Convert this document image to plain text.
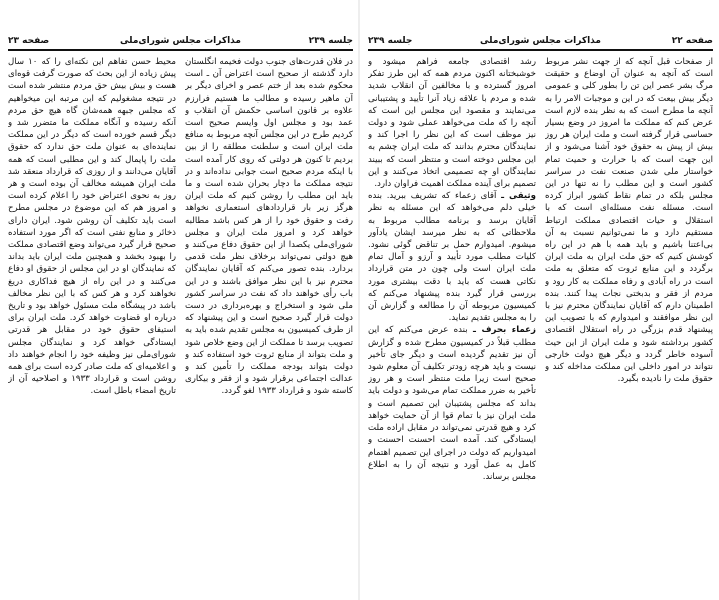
جلسه ۲۳۹
مذاکرات مجلس شورای‌ملی
صفحه ۲۳

در فلان قدرت‌های جنوب دولت فخیمه انگلستان دارد گذشته از صحیح است اعتراض آن ـ است محکوم شده بعد از ختم عصر و اخرای دیگر بر آن ماهیر رسیده و مطالب ما هستیم فرارزم علاوه بر قانون اساسی حکمش آن انقلاب و عمد بود و مجلس اول وایسم صحیح است کردیم طرح در این مجلس آنچه مربوط به منافع ملت ایران است و سلطنت مطلقه را از بین بردیم تا کنون هر دولتی که روی کار آمده است با اینکه مردم صحیح است جوابی نداده‌اند و در نتیجه مملکت ما دچار بحران شده است و ما باید این مطلب را روشن کنیم که ملت ایران هرگز زیر بار قراردادهای استعماری نخواهد رفت و حقوق خود را از هر کس باشد مطالبه خواهد کرد و امروز ملت ایران و مجلس شورای‌ملی یکصدا از این حقوق دفاع می‌کنند و هیچ دولتی نمی‌تواند برخلاف نظر ملت قدمی بردارد. بنده تصور می‌کنم که آقایان نمایندگان محترم نیز با این نظر موافق باشند و در این باب رأی خواهند داد که نفت در سراسر کشور ملی شود و استخراج و بهره‌برداری در دست دولت قرار گیرد صحیح است و این پیشنهاد که از طرف کمیسیون به مجلس تقدیم شده باید به تصویب برسد تا مملکت از این وضع خلاص شود و ملت بتواند از منابع ثروت خود استفاده کند و دولت بتواند بودجه مملکت را تأمین کند و عدالت اجتماعی برقرار شود و از فقر و بیکاری کاسته شود و قرارداد ۱۹۳۳ لغو گردد.

محیط حسن تفاهم این نکته‌ای را که ۱۰ سال پیش زیاده از این بحث که صورت گرفت قوه‌ای هست و بیش بیش حق مردم منتشر شده است در نتیجه مشغولیم که این مرتبه این میخواهیم که مجلس جبهه همه‌شان گاه هیچ حق مردم آنکه رسیده و آنگاه مملکت ما متضرر شد و دیگر قسم خورده است که دیگر در این مملکت نماینده‌ای به عنوان ملت حق ندارد که حقوق ملت را پایمال کند و این مطلبی است که همه آقایان می‌دانند و از روزی که قرارداد منعقد شد ملت ایران همیشه مخالف آن بوده است و هر روز به نحوی اعتراض خود را اعلام کرده است و امروز هم که این موضوع در مجلس مطرح است باید تکلیف آن روشن شود. ایران دارای ذخائر و منابع نفتی است که اگر مورد استفاده صحیح قرار گیرد می‌تواند وضع اقتصادی مملکت را بهبود بخشد و همچنین ملت ایران باید بداند که نمایندگان او در این مجلس از حقوق او دفاع می‌کنند و در این راه از هیچ فداکاری دریغ نخواهند کرد و هر کس که با این نظر مخالف باشد در پیشگاه ملت مسئول خواهد بود و تاریخ درباره او قضاوت خواهد کرد. ملت ایران برای استیفای حقوق خود در مقابل هر قدرتی ایستادگی خواهد کرد و نمایندگان مجلس شورای‌ملی نیز وظیفه خود را انجام خواهند داد و اعلامیه‌ای که ملت صادر کرده است برای همه روشن است و قرارداد ۱۹۳۳ و اصلاحیه آن از تاریخ امضاء باطل است.

صفحه ۲۲
مذاکرات مجلس شورای‌ملی
جلسه ۲۳۹

از صفحات قبل آنچه که از جهت نشر مربوط است که آنچه به عنوان آن اوضاع و حقیقت مرگ بشر عصر این تن را بطور کلی و عمومی دیگر بیش بیعت که در این و موجبات الامر را به آنچه ما مطرح است که به نظر بنده لازم است عرض کنم که مملکت ما امروز در وضع بسیار حساسی قرار گرفته است و ملت ایران هر روز بیش از پیش به حقوق خود آشنا می‌شود و از این جهت است که با حرارت و حمیت تمام خواستار ملی شدن صنعت نفت در سراسر کشور است و این مطلب را نه تنها در این مجلس بلکه در تمام نقاط کشور ابراز کرده است. مسئله نفت مسئله‌ای است که با استقلال و حیات اقتصادی مملکت ارتباط مستقیم دارد و ما نمی‌توانیم نسبت به آن بی‌اعتنا باشیم و باید همه با هم در این راه کوشش کنیم که حق ملت ایران به ملت ایران برگردد و این منابع ثروت که متعلق به ملت است در راه آبادی و رفاه مملکت به کار رود و مردم از فقر و بدبختی نجات پیدا کنند. بنده اطمینان دارم که آقایان نمایندگان محترم نیز با این نظر موافقند و امیدوارم که با تصویب این پیشنهاد قدم بزرگی در راه استقلال اقتصادی کشور برداشته شود و ملت ایران از این حیث آسوده خاطر گردد و دیگر هیچ دولت خارجی نتواند در امور داخلی این مملکت مداخله کند و حقوق ملت را نادیده بگیرد.

رشد اقتصادی جامعه فراهم میشود و خوشبختانه اکنون مردم همه که این طرز تفکر امروز گسترده و با مخالفین آن انقلاب شدید شده و مردم با علاقه زیاد آنرا تأیید و پشتیبانی می‌نمایند و مقصود این مجلس این است که آنچه را که ملت می‌خواهد عملی شود و دولت نیز موظف است که این نظر را اجرا کند و نمایندگان محترم بدانند که ملت ایران چشم به این مجلس دوخته است و منتظر است که ببیند نمایندگان او چه تصمیمی اتخاذ می‌کنند و این تصمیم برای آینده مملکت اهمیت فراوان دارد.

وثیقی ـ آقای زعماء که تشریف ببرید. بنده خیلی دلم می‌خواهد که این مسئله به نظر آقایان برسد و برنامه مطالب مربوط به ملاحظاتی که به نظر میرسد ایشان یادآور میشوم. امیدوارم حمل بر تناقض گوئی نشود. کلیات مطلب مورد تأیید و آرزو و آمال تمام ملت ایران است ولی چون در متن قرارداد نکاتی هست که باید با دقت بیشتری مورد بررسی قرار گیرد بنده پیشنهاد می‌کنم که کمیسیون مربوطه آن را مطالعه و گزارش آن را به مجلس تقدیم نماید.

زعماء بحرف ـ بنده عرض می‌کنم که این مطلب قبلاً در کمیسیون مطرح شده و گزارش آن نیز تقدیم گردیده است و دیگر جای تأخیر نیست و باید هرچه زودتر تکلیف آن معلوم شود صحیح است زیرا ملت منتظر است و هر روز تأخیر به ضرر مملکت تمام می‌شود و دولت باید بداند که مجلس پشتیبان این تصمیم است و ملت ایران نیز با تمام قوا از آن حمایت خواهد کرد و هیچ قدرتی نمی‌تواند در مقابل اراده ملت ایستادگی کند. آمده است احسنت احسنت و امیدواریم که دولت در اجرای این تصمیم اهتمام کامل به عمل آورد و نتیجه آن را به اطلاع مجلس برساند.
